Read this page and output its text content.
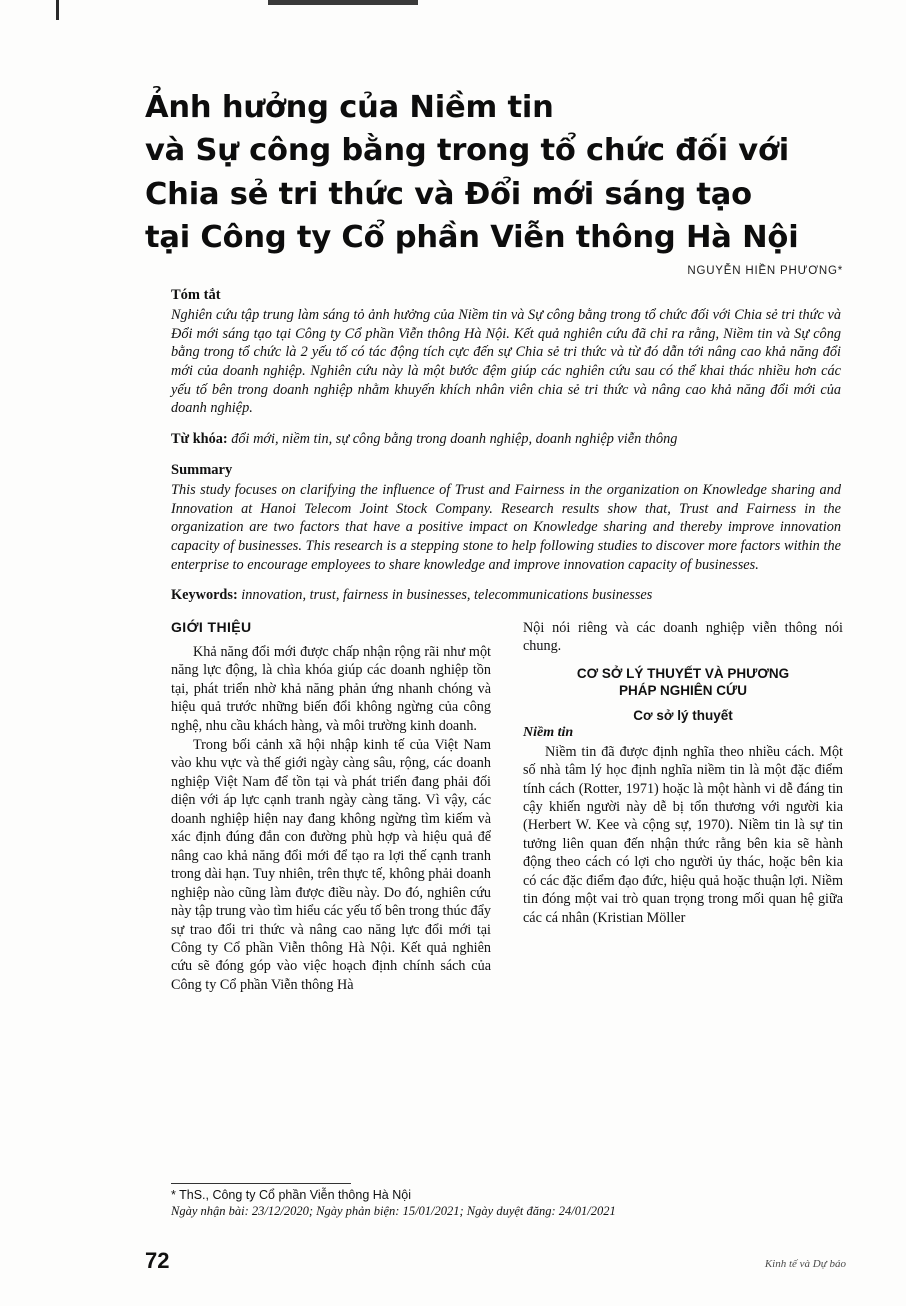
Ảnh hưởng của Niềm tin
và Sự công bằng trong tổ chức đối với
Chia sẻ tri thức và Đổi mới sáng tạo
tại Công ty Cổ phần Viễn thông Hà Nội
NGUYỄN HIỀN PHƯƠNG*
Tóm tắt

Nghiên cứu tập trung làm sáng tỏ ảnh hưởng của Niềm tin và Sự công bằng trong tổ chức đối với Chia sẻ tri thức và Đổi mới sáng tạo tại Công ty Cổ phần Viễn thông Hà Nội. Kết quả nghiên cứu đã chỉ ra rằng, Niềm tin và Sự công bằng trong tổ chức là 2 yếu tố có tác động tích cực đến sự Chia sẻ tri thức và từ đó dẫn tới nâng cao khả năng đổi mới của doanh nghiệp. Nghiên cứu này là một bước đệm giúp các nghiên cứu sau có thể khai thác nhiều hơn các yếu tố bên trong doanh nghiệp nhằm khuyến khích nhân viên chia sẻ tri thức và nâng cao khả năng đổi mới của doanh nghiệp.

Từ khóa: đổi mới, niềm tin, sự công bằng trong doanh nghiệp, doanh nghiệp viễn thông

Summary

This study focuses on clarifying the influence of Trust and Fairness in the organization on Knowledge sharing and Innovation at Hanoi Telecom Joint Stock Company. Research results show that, Trust and Fairness in the organization are two factors that have a positive impact on Knowledge sharing and thereby improve innovation capacity of businesses. This research is a stepping stone to help following studies to discover more factors within the enterprise to encourage employees to share knowledge and improve innovation capacity of businesses.

Keywords: innovation, trust, fairness in businesses, telecommunications businesses

GIỚI THIỆU

Khả năng đổi mới được chấp nhận rộng rãi như một năng lực động, là chìa khóa giúp các doanh nghiệp tồn tại, phát triển nhờ khả năng phản ứng nhanh chóng và hiệu quả trước những biến đổi không ngừng của công nghệ, nhu cầu khách hàng, và môi trường kinh doanh.

Trong bối cảnh xã hội nhập kinh tế của Việt Nam vào khu vực và thế giới ngày càng sâu, rộng, các doanh nghiệp Việt Nam để tồn tại và phát triển đang phải đối diện với áp lực cạnh tranh ngày càng tăng. Vì vậy, các doanh nghiệp hiện nay đang không ngừng tìm kiếm và xác định đúng đắn con đường phù hợp và hiệu quả để nâng cao khả năng đổi mới để tạo ra lợi thế cạnh tranh trong dài hạn. Tuy nhiên, trên thực tế, không phải doanh nghiệp nào cũng làm được điều này. Do đó, nghiên cứu này tập trung vào tìm hiểu các yếu tố bên trong thúc đẩy sự trao đổi tri thức và nâng cao năng lực đổi mới tại Công ty Cổ phần Viễn thông Hà Nội. Kết quả nghiên cứu sẽ đóng góp vào việc hoạch định chính sách của Công ty Cổ phần Viễn thông Hà

Nội nói riêng và các doanh nghiệp viễn thông nói chung.

CƠ SỞ LÝ THUYẾT VÀ PHƯƠNG
PHÁP NGHIÊN CỨU
Cơ sở lý thuyết
Niềm tin

Niềm tin đã được định nghĩa theo nhiều cách. Một số nhà tâm lý học định nghĩa niềm tin là một đặc điểm tính cách (Rotter, 1971) hoặc là một hành vi dễ đáng tin cậy khiến người này dễ bị tổn thương với người kia (Herbert W. Kee và cộng sự, 1970). Niềm tin là sự tin tưởng liên quan đến nhận thức rằng bên kia sẽ hành động theo cách có lợi cho người ủy thác, hoặc bên kia có các đặc điểm đạo đức, hiệu quả hoặc thuận lợi. Niềm tin đóng một vai trò quan trọng trong mối quan hệ giữa các cá nhân (Kristian Möller

* ThS., Công ty Cổ phần Viễn thông Hà Nội

Ngày nhận bài: 23/12/2020; Ngày phản biện: 15/01/2021; Ngày duyệt đăng: 24/01/2021

72	Kinh tế và Dự báo
